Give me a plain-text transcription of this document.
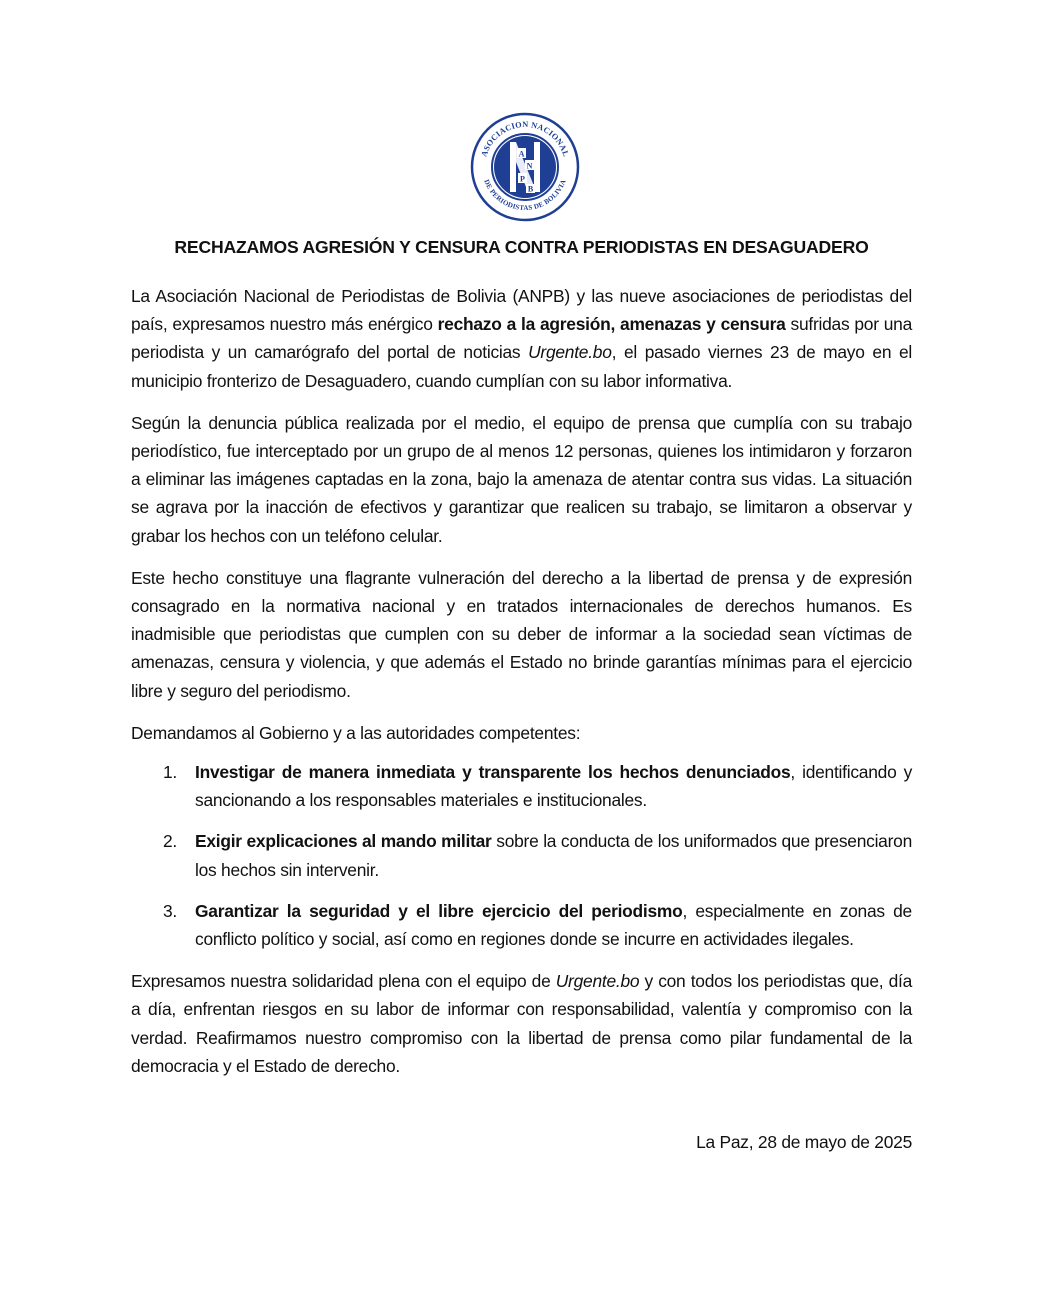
ASOCIACION NACIONAL
DE PERIODISTAS DE BOLIVIA
A
N
P
B
RECHAZAMOS AGRESIÓN Y CENSURA CONTRA PERIODISTAS EN DESAGUADERO

La Asociación Nacional de Periodistas de Bolivia (ANPB) y las nueve asociaciones de periodistas del país, expresamos nuestro más enérgico rechazo a la agresión, amenazas y censura sufridas por una periodista y un camarógrafo del portal de noticias Urgente.bo, el pasado viernes 23 de mayo en el municipio fronterizo de Desaguadero, cuando cumplían con su labor informativa.

Según la denuncia pública realizada por el medio, el equipo de prensa que cumplía con su trabajo periodístico, fue interceptado por un grupo de al menos 12 personas, quienes los intimidaron y forzaron a eliminar las imágenes captadas en la zona, bajo la amenaza de atentar contra sus vidas. La situación se agrava por la inacción de efectivos y garantizar que realicen su trabajo, se limitaron a observar y grabar los hechos con un teléfono celular.

Este hecho constituye una flagrante vulneración del derecho a la libertad de prensa y de expresión consagrado en la normativa nacional y en tratados internacionales de derechos humanos. Es inadmisible que periodistas que cumplen con su deber de informar a la sociedad sean víctimas de amenazas, censura y violencia, y que además el Estado no brinde garantías mínimas para el ejercicio libre y seguro del periodismo.

Demandamos al Gobierno y a las autoridades competentes:

1. Investigar de manera inmediata y transparente los hechos denunciados, identificando y sancionando a los responsables materiales e institucionales.
2. Exigir explicaciones al mando militar sobre la conducta de los uniformados que presenciaron los hechos sin intervenir.
3. Garantizar la seguridad y el libre ejercicio del periodismo, especialmente en zonas de conflicto político y social, así como en regiones donde se incurre en actividades ilegales.

Expresamos nuestra solidaridad plena con el equipo de Urgente.bo y con todos los periodistas que, día a día, enfrentan riesgos en su labor de informar con responsabilidad, valentía y compromiso con la verdad. Reafirmamos nuestro compromiso con la libertad de prensa como pilar fundamental de la democracia y el Estado de derecho.

La Paz, 28 de mayo de 2025
